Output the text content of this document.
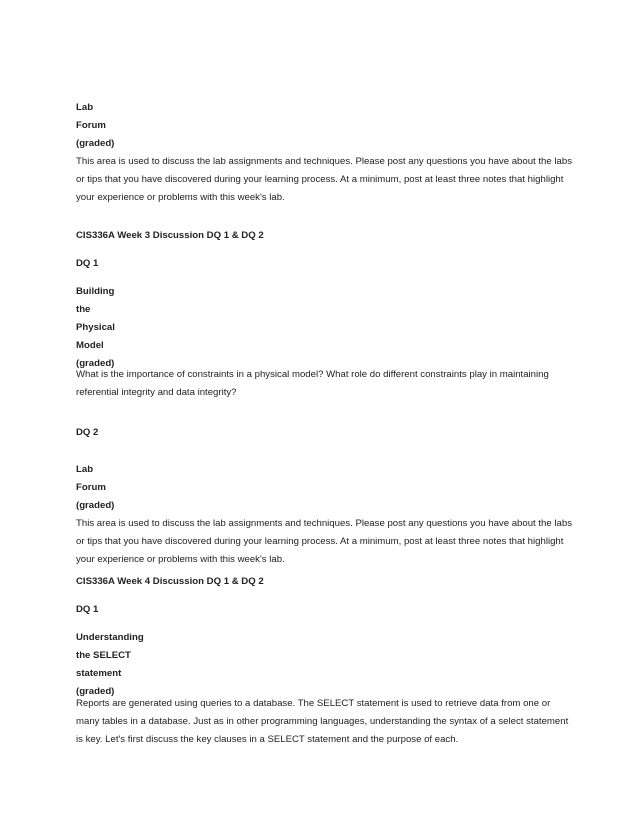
Lab
Forum
(graded)
This area is used to discuss the lab assignments and techniques. Please post any questions you have about the labs
or tips that you have discovered during your learning process. At a minimum, post at least three notes that highlight
your experience or problems with this week's lab.
CIS336A Week 3 Discussion DQ 1 & DQ 2
DQ 1
Building
the
Physical
Model
(graded)
What is the importance of constraints in a physical model? What role do different constraints play in maintaining
referential integrity and data integrity?
DQ 2
Lab
Forum
(graded)
This area is used to discuss the lab assignments and techniques. Please post any questions you have about the labs
or tips that you have discovered during your learning process. At a minimum, post at least three notes that highlight
your experience or problems with this week's lab.
CIS336A Week 4 Discussion DQ 1 & DQ 2
DQ 1
Understanding
the SELECT
statement
(graded)
Reports are generated using queries to a database. The SELECT statement is used to retrieve data from one or
many tables in a database. Just as in other programming languages, understanding the syntax of a select statement
is key. Let's first discuss the key clauses in a SELECT statement and the purpose of each.
